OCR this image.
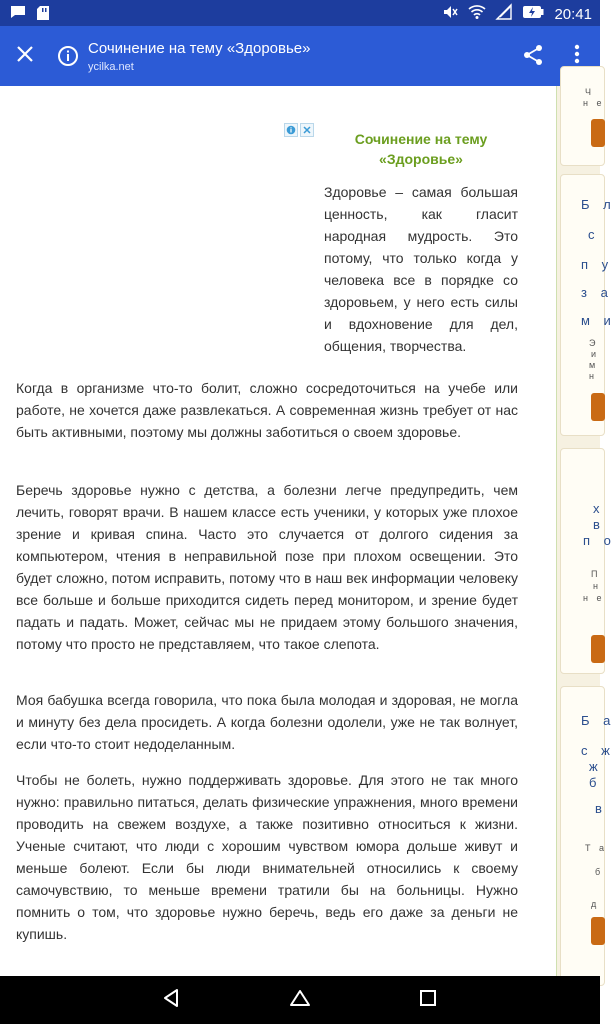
20:41
Сочинение на тему «Здоровье»
ycilka.net
Сочинение на тему «Здоровье»
Здоровье – самая большая ценность, как гласит народная мудрость. Это потому, что только когда у человека все в порядке со здоровьем, у него есть силы и вдохновение для дел, общения, творчества.
Когда в организме что-то болит, сложно сосредоточиться на учебе или работе, не хочется даже развлекаться. А современная жизнь требует от нас быть активными, поэтому мы должны заботиться о своем здоровье.
Беречь здоровье нужно с детства, а болезни легче предупредить, чем лечить, говорят врачи. В нашем классе есть ученики, у которых уже плохое зрение и кривая спина. Часто это случается от долгого сидения за компьютером, чтения в неправильной позе при плохом освещении. Это будет сложно, потом исправить, потому что в наш век информации человеку все больше и больше приходится сидеть перед монитором, и зрение будет падать и падать. Может, сейчас мы не придаем этому большого значения, потому что просто не представляем, что такое слепота.
Моя бабушка всегда говорила, что пока была молодая и здоровая, не могла и минуту без дела просидеть. А когда болезни одолели, уже не так волнует, если что-то стоит недоделанным.
Чтобы не болеть, нужно поддерживать здоровье. Для этого не так много нужно: правильно питаться, делать физические упражнения, много времени проводить на свежем воздухе, а также позитивно относиться к жизни. Ученые считают, что люди с хорошим чувством юмора дольше живут и меньше болеют. Если бы люди внимательней относились к своему самочувствию, то меньше времени тратили бы на больницы. Нужно помнить о том, что здоровье нужно беречь, ведь его даже за деньги не купишь.
Ч
н е
Б л
с
п у
з а
м и
Э
и
м
н
х
в
п о
П
н
н е
Б а
с ж
ж
б
в
Т а
б
д
